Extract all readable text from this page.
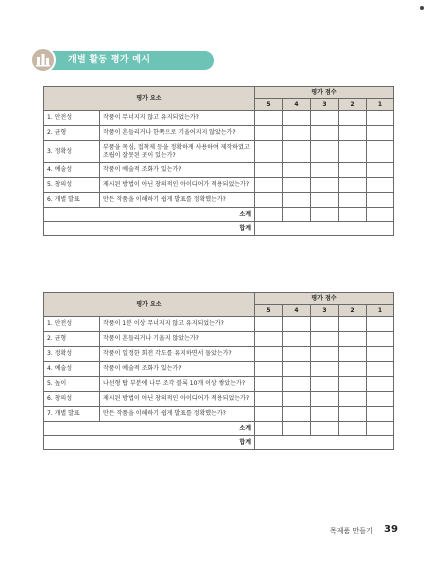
개별 활동 평가 예시
평가 요소		평가 점수				
		5	4	3	2	1
1. 안전성	작품이 무너지지 않고 유지되었는가?					
2. 균형	작품이 흔들리거나 한쪽으로 기울어지지 않았는가?					
3. 정확성	부품을 목심, 접착제 등을 정확하게 사용하여 제작하였고 조립이 잘못된 곳이 있는가?					
4. 예술성	작품이 예술적 조화가 있는가?					
5. 창의성	제시된 방법이 아닌 창의적인 아이디어가 적용되었는가?					
6. 개별 발표	만든 작품을 이해하기 쉽게 발표를 정확했는가?					
소계						
합계						
평가 요소		평가 점수				
		5	4	3	2	1
1. 안전성	작품이 1분 이상 무너지지 않고 유지되었는가?					
2. 균형	작품이 흔들리거나 기울지 않았는가?					
3. 정확성	작품이 일정한 회전 각도를 유지하면서 돌았는가?					
4. 예술성	작품이 예술적 조화가 있는가?					
5. 높이	나선형 탑 부분에 나무 조각 블록 10개 이상 쌓았는가?					
6. 창의성	제시된 방법이 아닌 창의적인 아이디어가 적용되었는가?					
7. 개별 발표	만든 작품을 이해하기 쉽게 발표를 정확했는가?					
소계						
합계						
목제품 만들기 39
